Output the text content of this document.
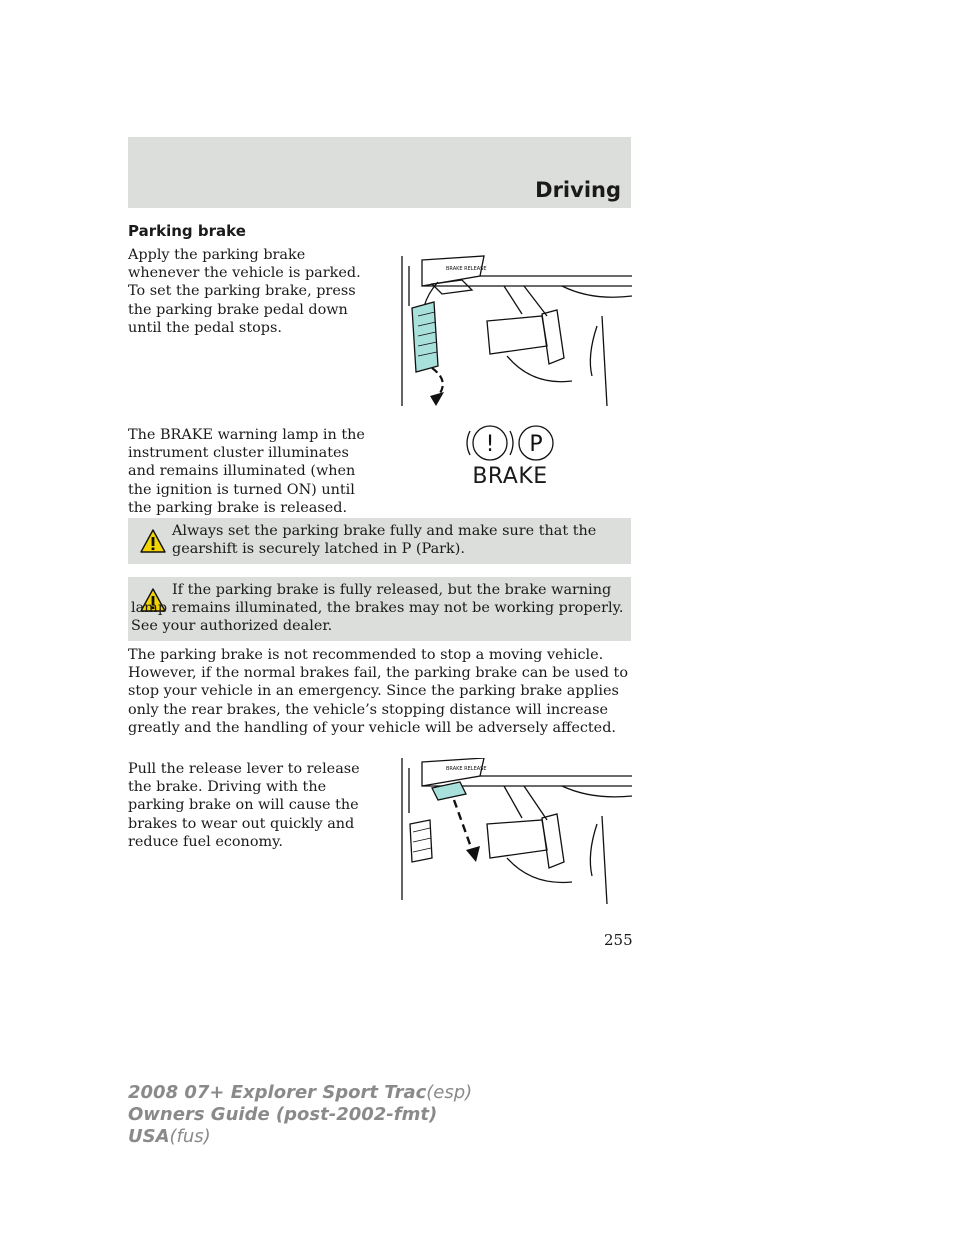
Driving
Parking brake

Apply the parking brake whenever the vehicle is parked. To set the parking brake, press the parking brake pedal down until the pedal stops.

BRAKE RELEASE

The BRAKE warning lamp in the instrument cluster illuminates and remains illuminated (when the ignition is turned ON) until the parking brake is released.

! P
BRAKE

Always set the parking brake fully and make sure that the gearshift is securely latched in P (Park).

If the parking brake is fully released, but the brake warning lamp remains illuminated, the brakes may not be working properly. See your authorized dealer.

The parking brake is not recommended to stop a moving vehicle. However, if the normal brakes fail, the parking brake can be used to stop your vehicle in an emergency. Since the parking brake applies only the rear brakes, the vehicle’s stopping distance will increase greatly and the handling of your vehicle will be adversely affected.

Pull the release lever to release the brake. Driving with the parking brake on will cause the brakes to wear out quickly and reduce fuel economy.

BRAKE RELEASE
255
2008 07+ Explorer Sport Trac(esp)
Owners Guide (post-2002-fmt)
USA(fus)
